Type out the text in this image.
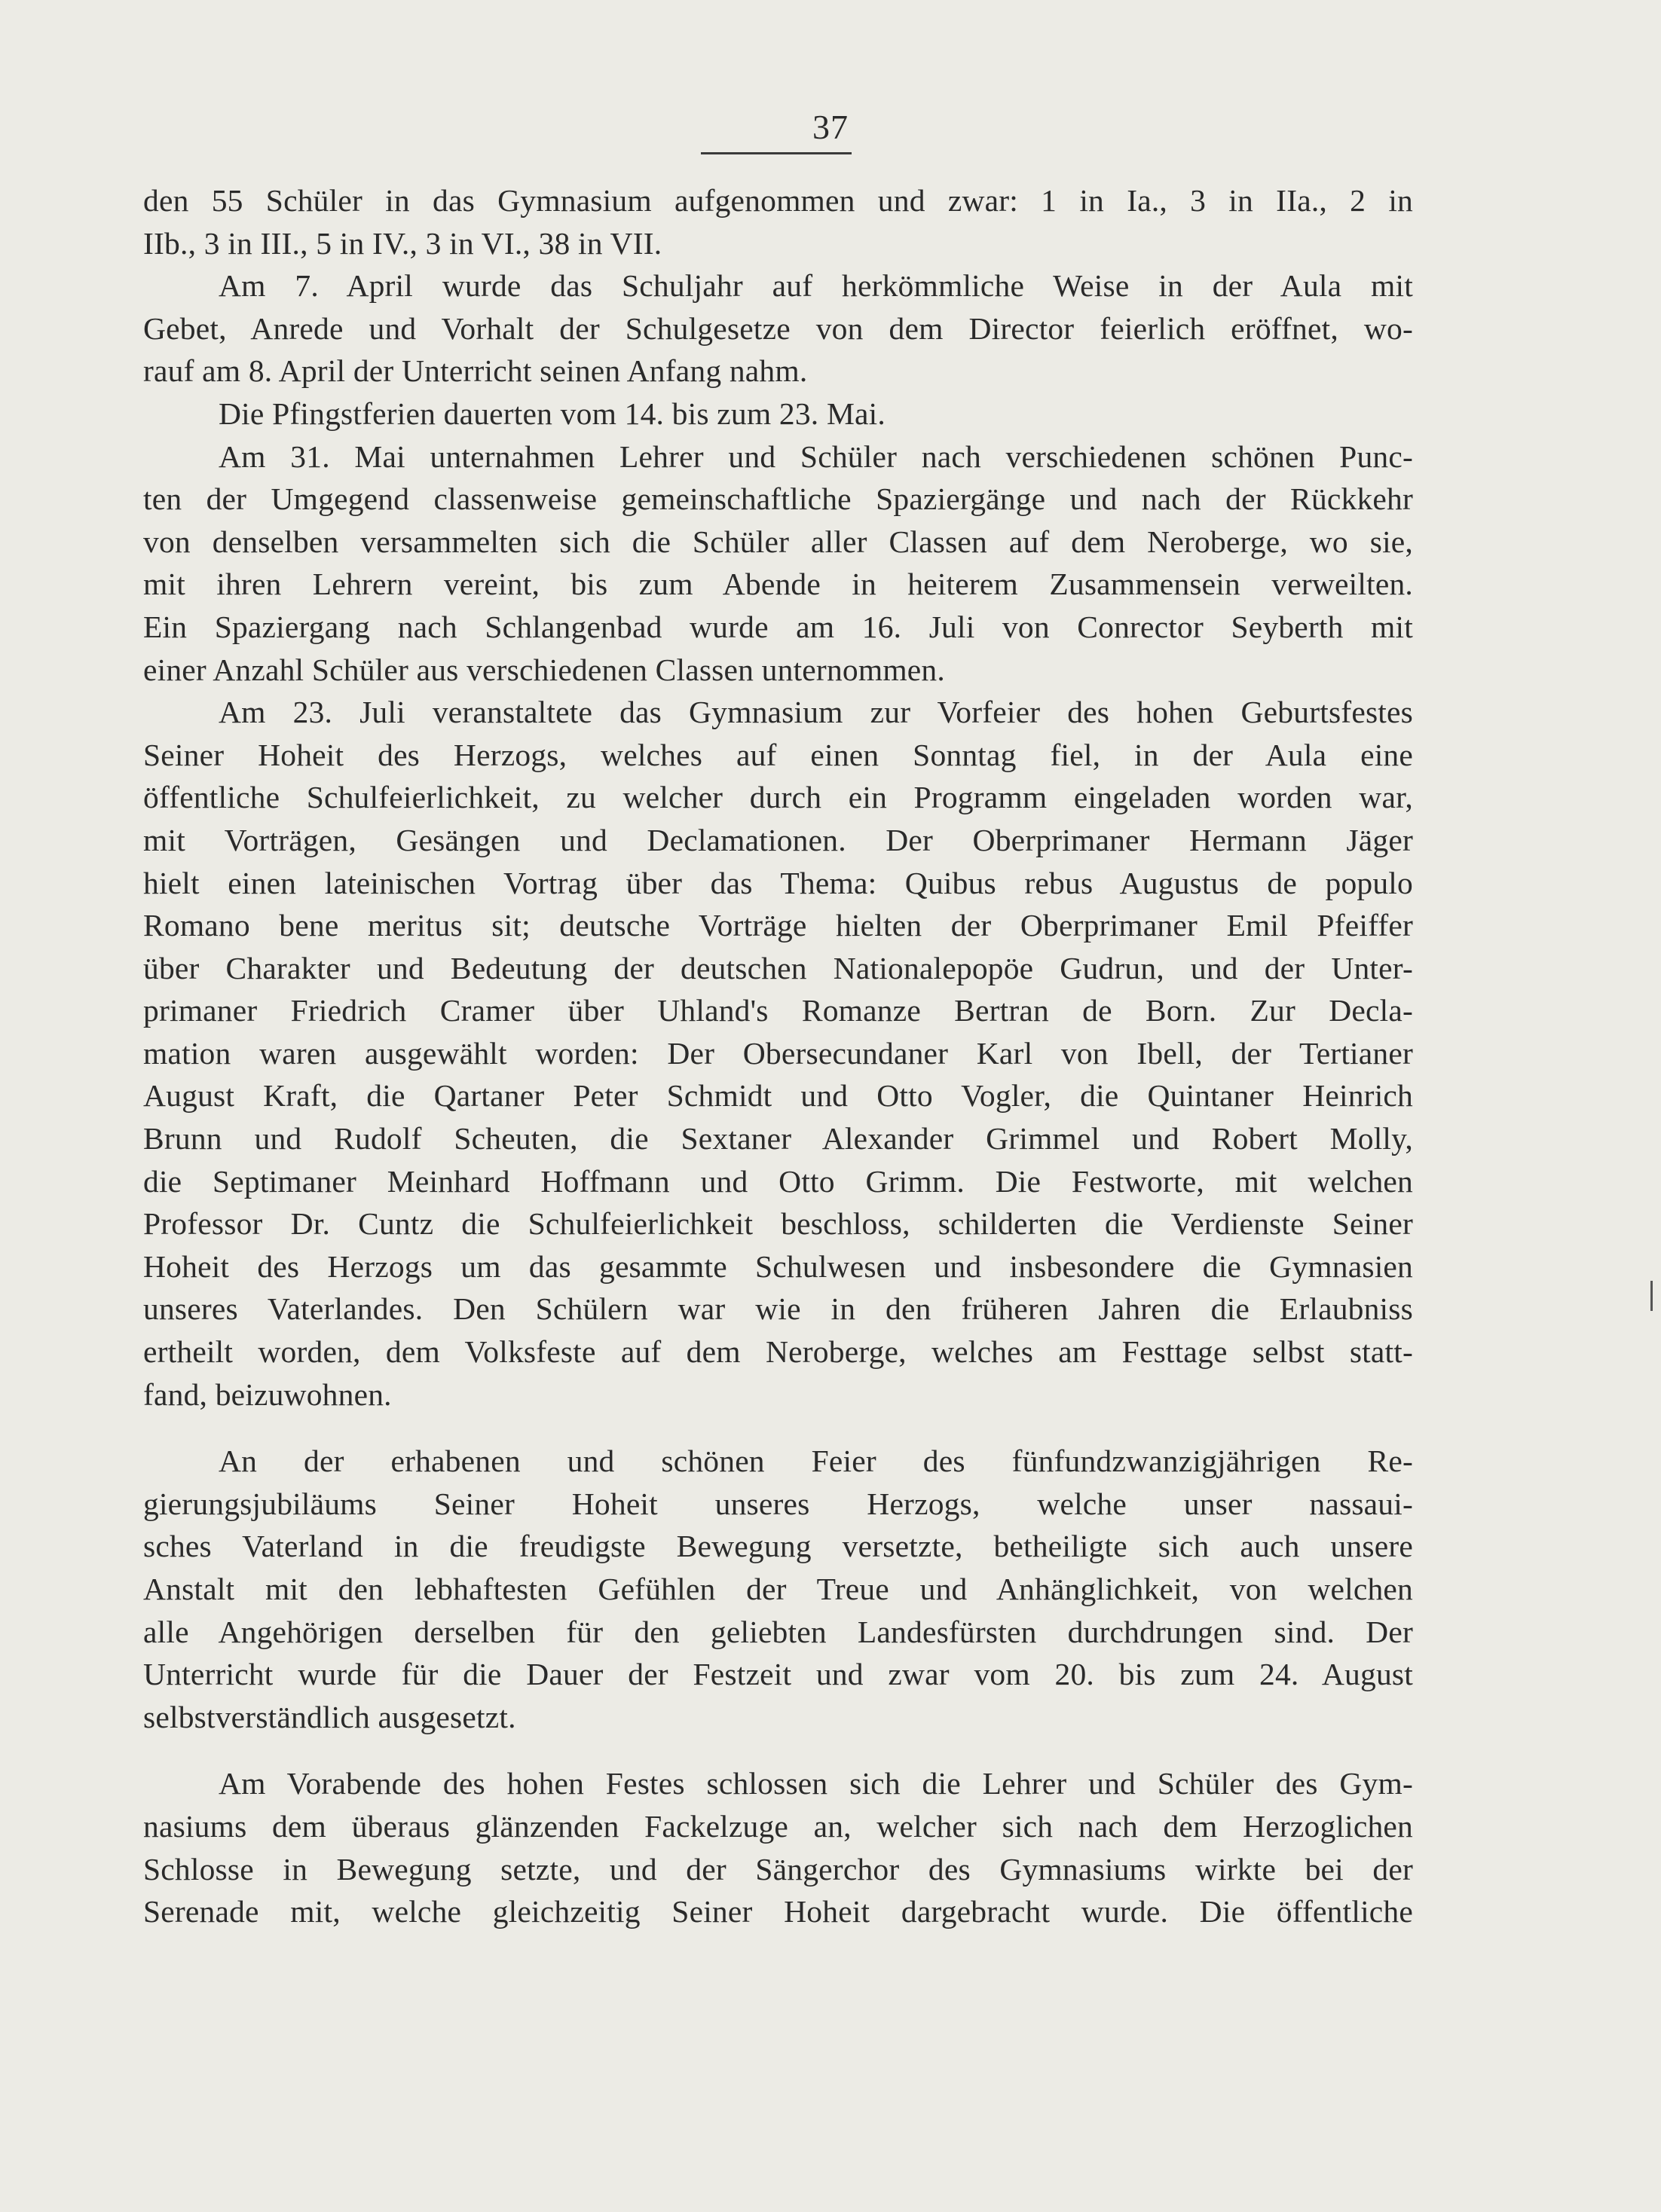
37

den 55 Schüler in das Gymnasium aufgenommen und zwar: 1 in Ia., 3 in IIa., 2 in
IIb., 3 in III., 5 in IV., 3 in VI., 38 in VII.

Am 7. April wurde das Schuljahr auf herkömmliche Weise in der Aula mit
Gebet, Anrede und Vorhalt der Schulgesetze von dem Director feierlich eröffnet, wo-
rauf am 8. April der Unterricht seinen Anfang nahm.

Die Pfingstferien dauerten vom 14. bis zum 23. Mai.

Am 31. Mai unternahmen Lehrer und Schüler nach verschiedenen schönen Punc-
ten der Umgegend classenweise gemeinschaftliche Spaziergänge und nach der Rückkehr
von denselben versammelten sich die Schüler aller Classen auf dem Neroberge, wo sie,
mit ihren Lehrern vereint, bis zum Abende in heiterem Zusammensein verweilten.
Ein Spaziergang nach Schlangenbad wurde am 16. Juli von Conrector Seyberth mit
einer Anzahl Schüler aus verschiedenen Classen unternommen.

Am 23. Juli veranstaltete das Gymnasium zur Vorfeier des hohen Geburtsfestes
Seiner Hoheit des Herzogs, welches auf einen Sonntag fiel, in der Aula eine
öffentliche Schulfeierlichkeit, zu welcher durch ein Programm eingeladen worden war,
mit Vorträgen, Gesängen und Declamationen. Der Oberprimaner Hermann Jäger
hielt einen lateinischen Vortrag über das Thema: Quibus rebus Augustus de populo
Romano bene meritus sit; deutsche Vorträge hielten der Oberprimaner Emil Pfeiffer
über Charakter und Bedeutung der deutschen Nationalepopöe Gudrun, und der Unter-
primaner Friedrich Cramer über Uhland's Romanze Bertran de Born. Zur Decla-
mation waren ausgewählt worden: Der Obersecundaner Karl von Ibell, der Tertianer
August Kraft, die Qartaner Peter Schmidt und Otto Vogler, die Quintaner Heinrich
Brunn und Rudolf Scheuten, die Sextaner Alexander Grimmel und Robert Molly,
die Septimaner Meinhard Hoffmann und Otto Grimm. Die Festworte, mit welchen
Professor Dr. Cuntz die Schulfeierlichkeit beschloss, schilderten die Verdienste Seiner
Hoheit des Herzogs um das gesammte Schulwesen und insbesondere die Gymnasien
unseres Vaterlandes. Den Schülern war wie in den früheren Jahren die Erlaubniss
ertheilt worden, dem Volksfeste auf dem Neroberge, welches am Festtage selbst statt-
fand, beizuwohnen.

An der erhabenen und schönen Feier des fünfundzwanzigjährigen Re-
gierungsjubiläums Seiner Hoheit unseres Herzogs, welche unser nassaui-
sches Vaterland in die freudigste Bewegung versetzte, betheiligte sich auch unsere
Anstalt mit den lebhaftesten Gefühlen der Treue und Anhänglichkeit, von welchen
alle Angehörigen derselben für den geliebten Landesfürsten durchdrungen sind. Der
Unterricht wurde für die Dauer der Festzeit und zwar vom 20. bis zum 24. August
selbstverständlich ausgesetzt.

Am Vorabende des hohen Festes schlossen sich die Lehrer und Schüler des Gym-
nasiums dem überaus glänzenden Fackelzuge an, welcher sich nach dem Herzoglichen
Schlosse in Bewegung setzte, und der Sängerchor des Gymnasiums wirkte bei der
Serenade mit, welche gleichzeitig Seiner Hoheit dargebracht wurde. Die öffentliche
